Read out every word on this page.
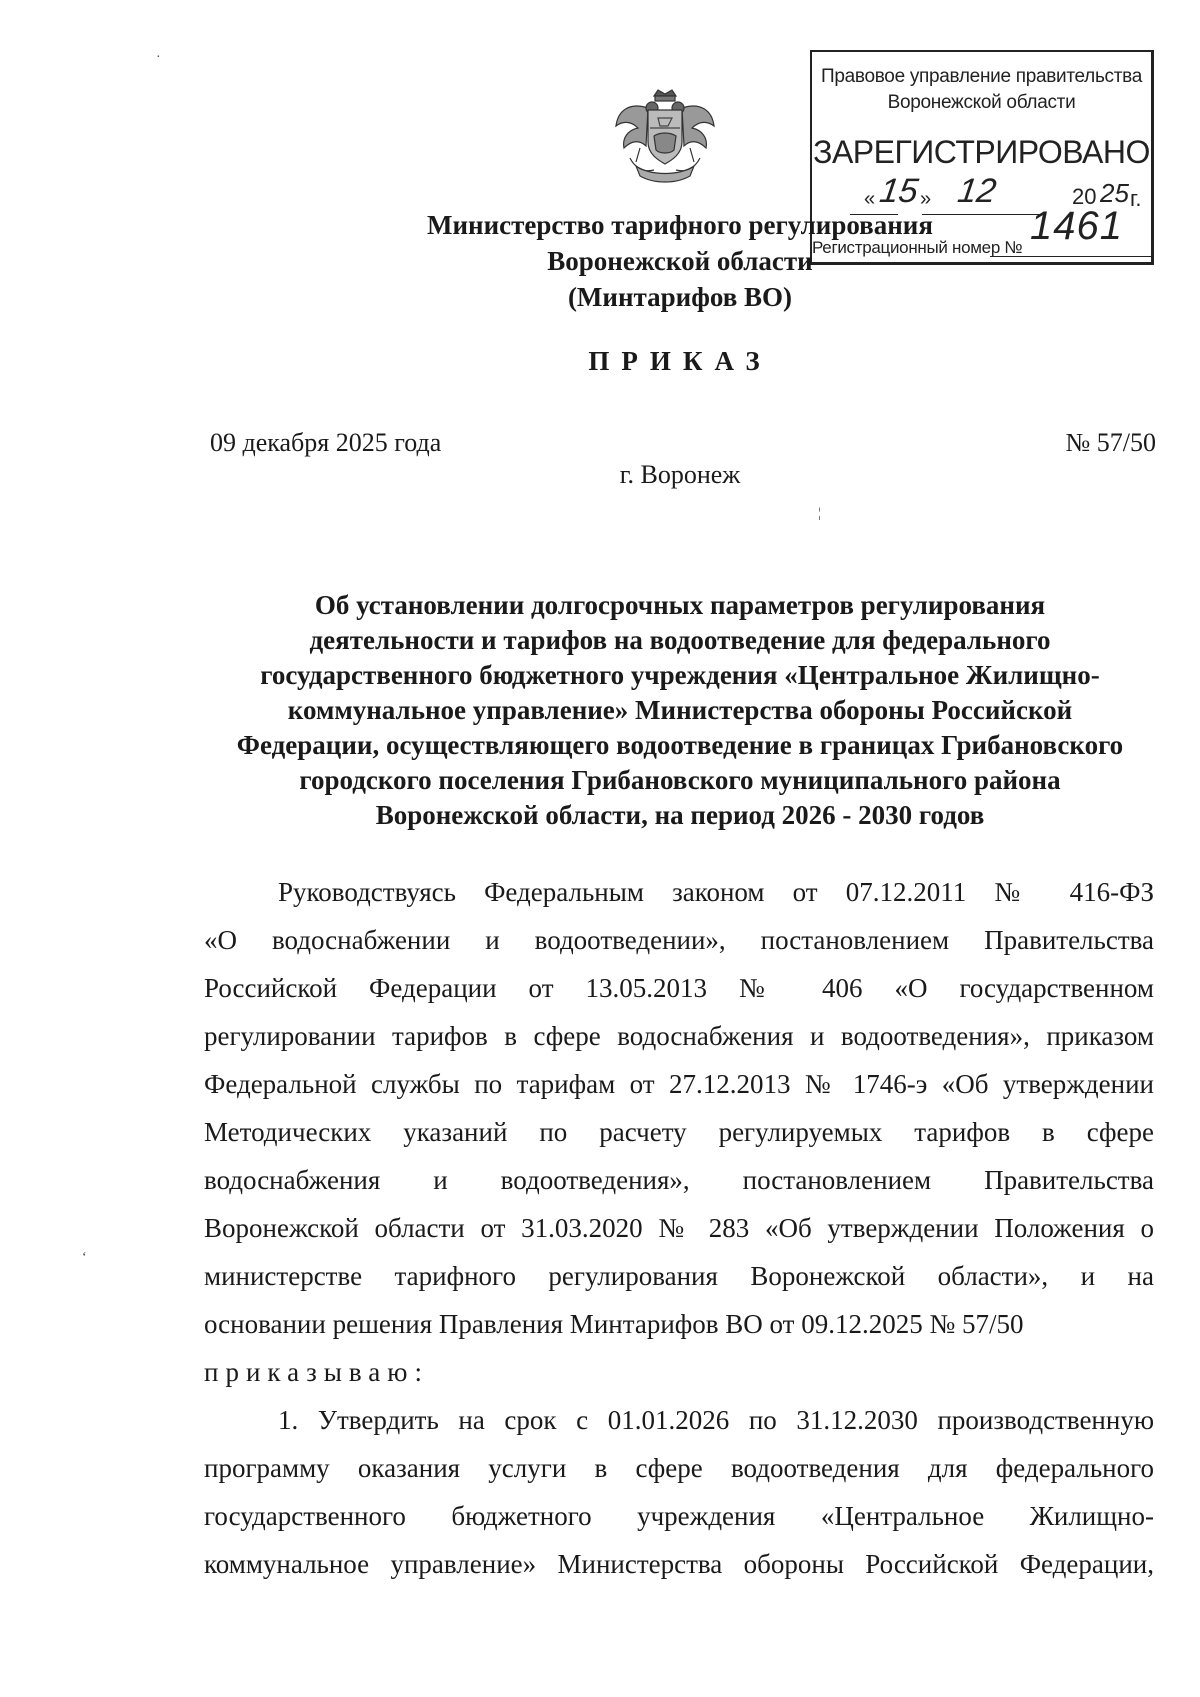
Правовое управление правительства
Воронежской области
ЗАРЕГИСТРИРОВАНО
« 15 » 12	20 25 г.
Регистрационный номер № 1461
Министерство тарифного регулирования
Воронежской области
(Минтарифов ВО)
ПРИКАЗ
09 декабря 2025 года	№ 57/50
г. Воронеж
Об установлении долгосрочных параметров регулирования
деятельности и тарифов на водоотведение для федерального
государственного бюджетного учреждения «Центральное Жилищно-
коммунальное управление» Министерства обороны Российской
Федерации, осуществляющего водоотведение в границах Грибановского
городского поселения Грибановского муниципального района
Воронежской области, на период 2026 - 2030 годов
Руководствуясь Федеральным законом от 07.12.2011 № 416-ФЗ
«О водоснабжении и водоотведении», постановлением Правительства
Российской Федерации от 13.05.2013 № 406 «О государственном
регулировании тарифов в сфере водоснабжения и водоотведения», приказом
Федеральной службы по тарифам от 27.12.2013 № 1746-э «Об утверждении
Методических указаний по расчету регулируемых тарифов в сфере
водоснабжения и водоотведения», постановлением Правительства
Воронежской области от 31.03.2020 № 283 «Об утверждении Положения о
министерстве тарифного регулирования Воронежской области», и на
основании решения Правления Минтарифов ВО от 09.12.2025 № 57/50
приказываю:
1. Утвердить на срок с 01.01.2026 по 31.12.2030 производственную
программу оказания услуги в сфере водоотведения для федерального
государственного бюджетного учреждения «Центральное Жилищно-
коммунальное управление» Министерства обороны Российской Федерации,
·
¦
‘
